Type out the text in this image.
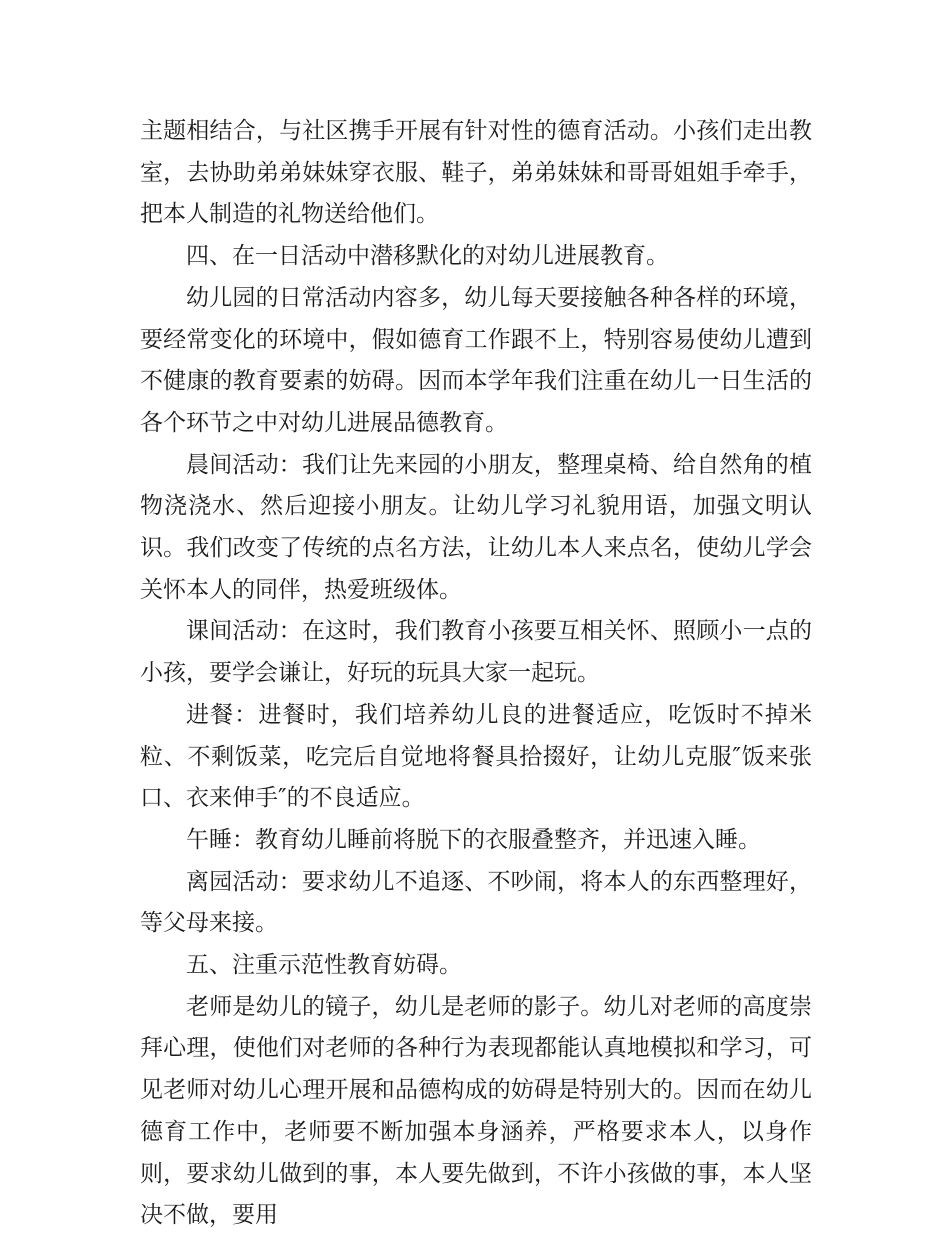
主题相结合，与社区携手开展有针对性的德育活动。小孩们走出教室，去协助弟弟妹妹穿衣服、鞋子，弟弟妹妹和哥哥姐姐手牵手，把本人制造的礼物送给他们。

四、在一日活动中潜移默化的对幼儿进展教育。

幼儿园的日常活动内容多，幼儿每天要接触各种各样的环境，要经常变化的环境中，假如德育工作跟不上，特别容易使幼儿遭到不健康的教育要素的妨碍。因而本学年我们注重在幼儿一日生活的各个环节之中对幼儿进展品德教育。

晨间活动：我们让先来园的小朋友，整理桌椅、给自然角的植物浇浇水、然后迎接小朋友。让幼儿学习礼貌用语，加强文明认识。我们改变了传统的点名方法，让幼儿本人来点名，使幼儿学会关怀本人的同伴，热爱班级体。

课间活动：在这时，我们教育小孩要互相关怀、照顾小一点的小孩，要学会谦让，好玩的玩具大家一起玩。

进餐：进餐时，我们培养幼儿良的进餐适应，吃饭时不掉米粒、不剩饭菜，吃完后自觉地将餐具拾掇好，让幼儿克服″饭来张口、衣来伸手″的不良适应。

午睡：教育幼儿睡前将脱下的衣服叠整齐，并迅速入睡。

离园活动：要求幼儿不追逐、不吵闹，将本人的东西整理好，等父母来接。

五、注重示范性教育妨碍。

老师是幼儿的镜子，幼儿是老师的影子。幼儿对老师的高度崇拜心理，使他们对老师的各种行为表现都能认真地模拟和学习，可见老师对幼儿心理开展和品德构成的妨碍是特别大的。因而在幼儿德育工作中，老师要不断加强本身涵养，严格要求本人，以身作则，要求幼儿做到的事，本人要先做到，不许小孩做的事，本人坚决不做，要用
